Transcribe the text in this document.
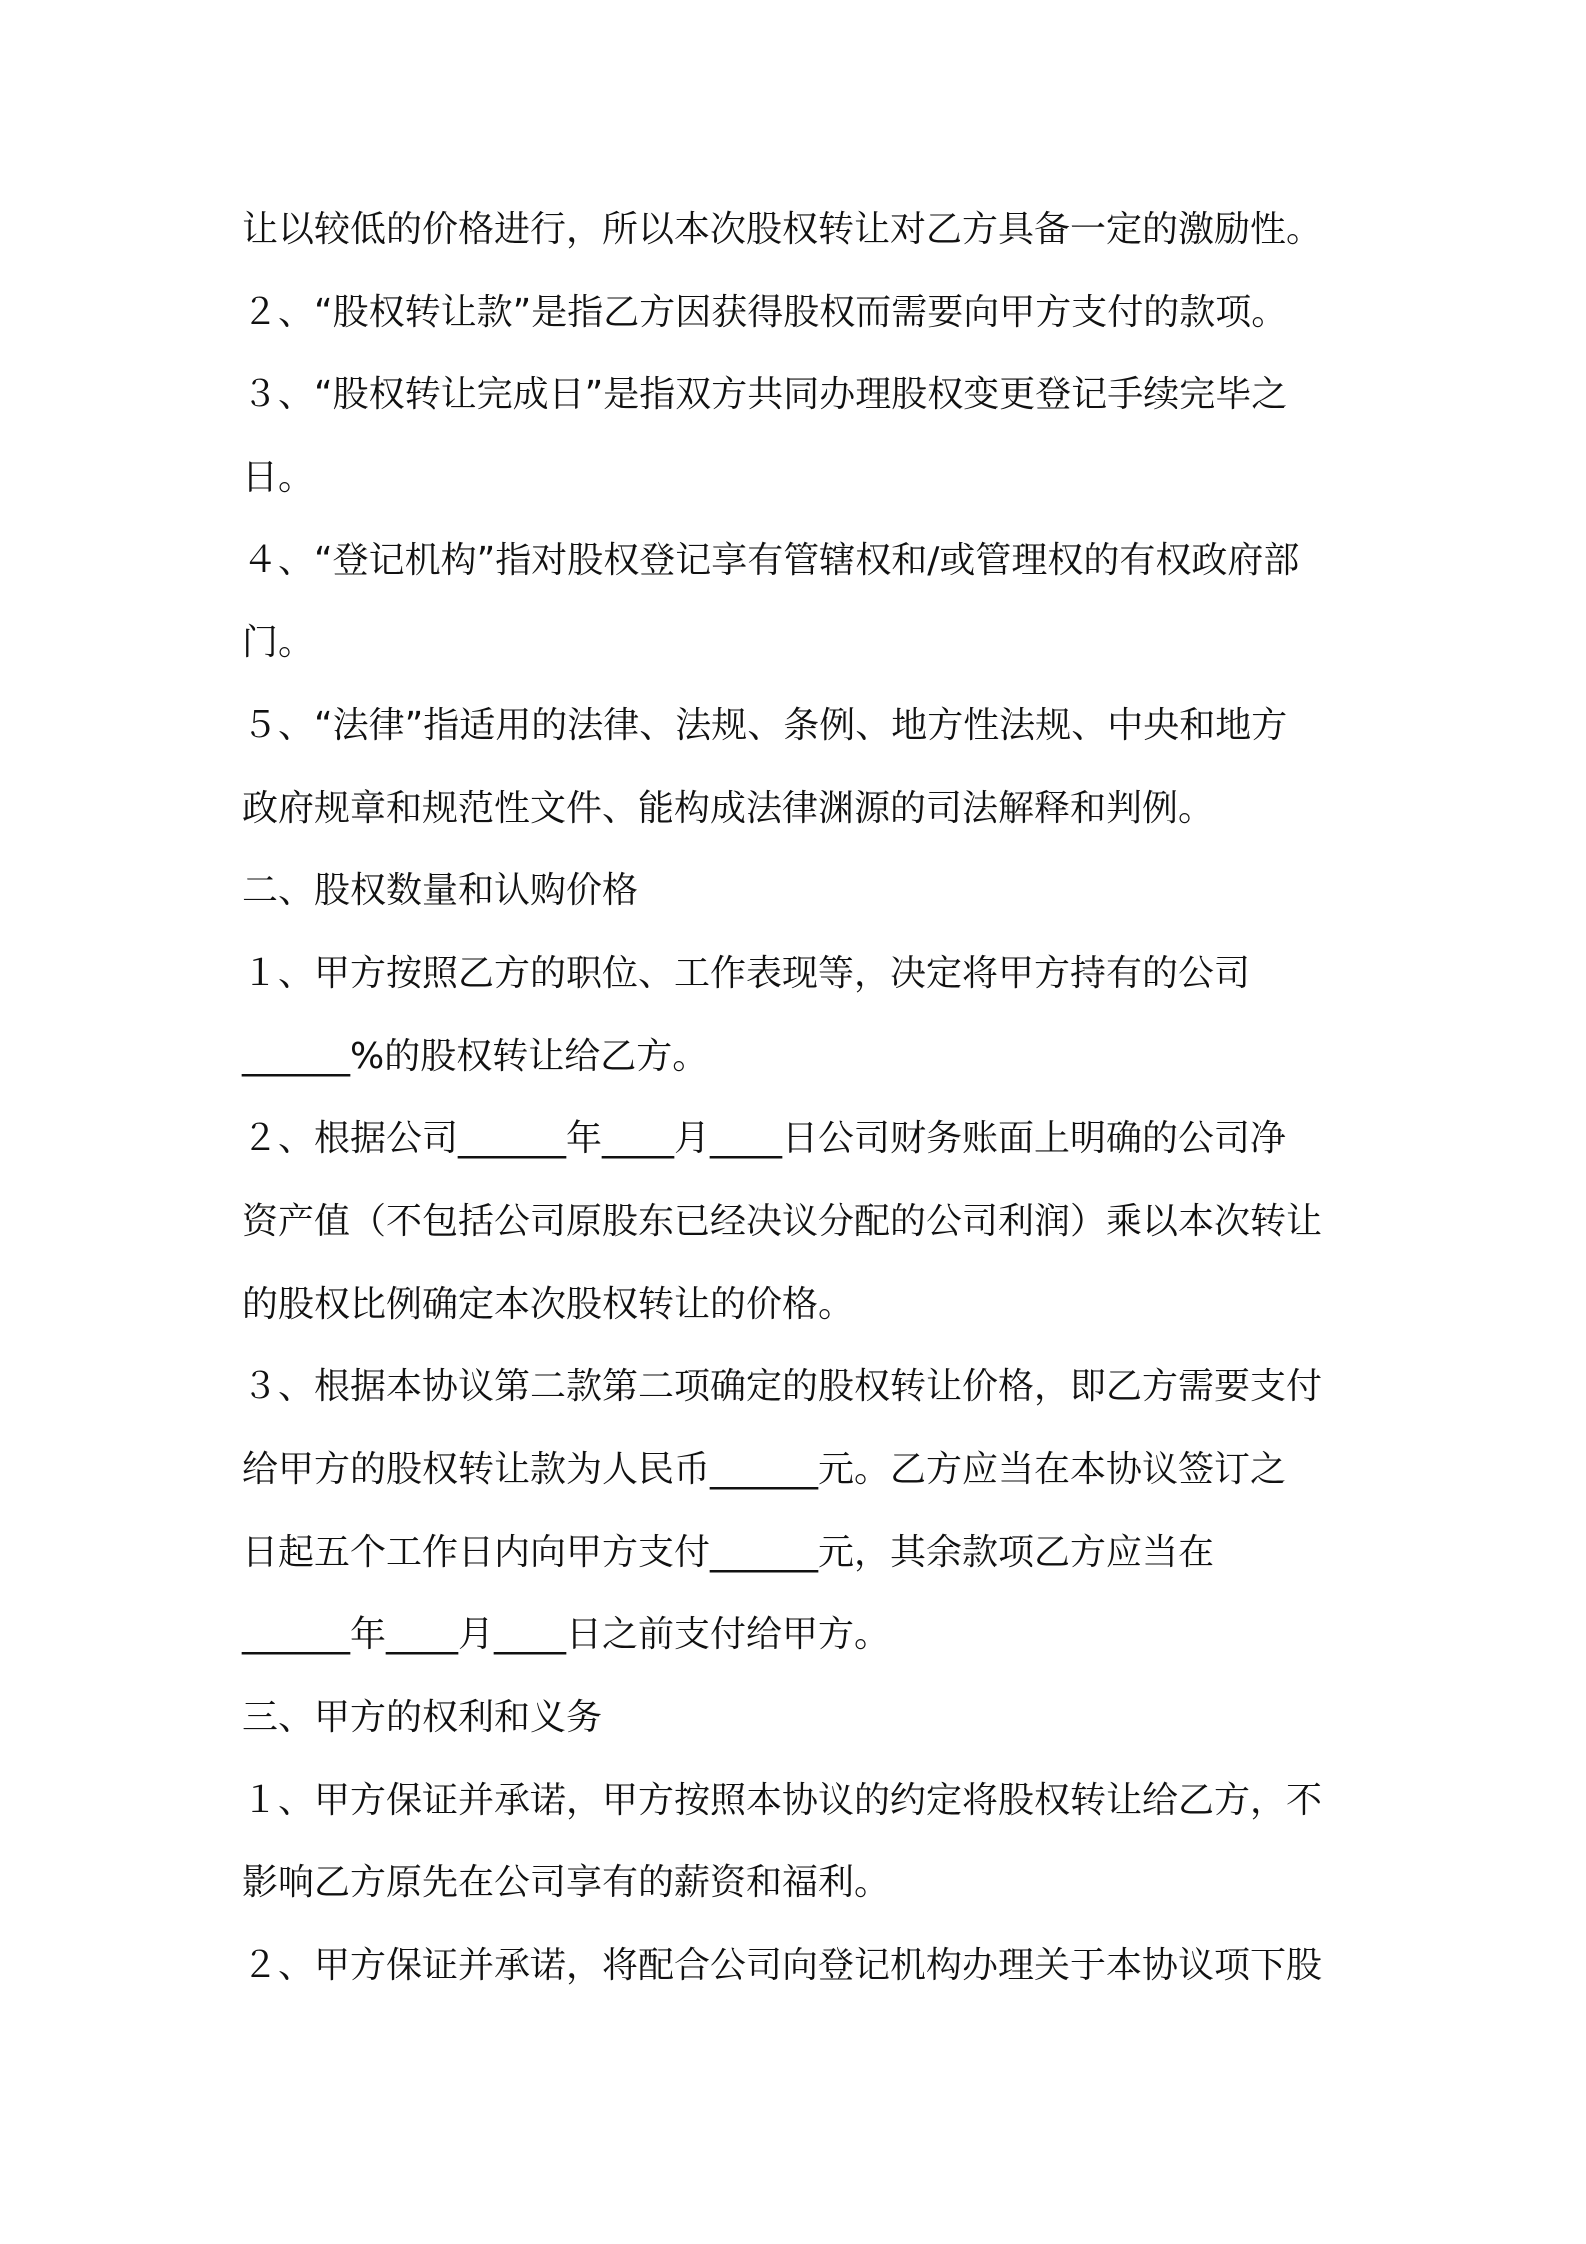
让以较低的价格进行，所以本次股权转让对乙方具备一定的激励性。
２、“股权转让款”是指乙方因获得股权而需要向甲方支付的款项。
３、“股权转让完成日”是指双方共同办理股权变更登记手续完毕之
日。
４、“登记机构”指对股权登记享有管辖权和/或管理权的有权政府部
门。
５、“法律”指适用的法律、法规、条例、地方性法规、中央和地方
政府规章和规范性文件、能构成法律渊源的司法解释和判例。
二、股权数量和认购价格
１、甲方按照乙方的职位、工作表现等，决定将甲方持有的公司
______%的股权转让给乙方。
２、根据公司______年____月____日公司财务账面上明确的公司净
资产值（不包括公司原股东已经决议分配的公司利润）乘以本次转让
的股权比例确定本次股权转让的价格。
３、根据本协议第二款第二项确定的股权转让价格，即乙方需要支付
给甲方的股权转让款为人民币______元。乙方应当在本协议签订之
日起五个工作日内向甲方支付______元，其余款项乙方应当在
______年____月____日之前支付给甲方。
三、甲方的权利和义务
１、甲方保证并承诺，甲方按照本协议的约定将股权转让给乙方，不
影响乙方原先在公司享有的薪资和福利。
２、甲方保证并承诺，将配合公司向登记机构办理关于本协议项下股
